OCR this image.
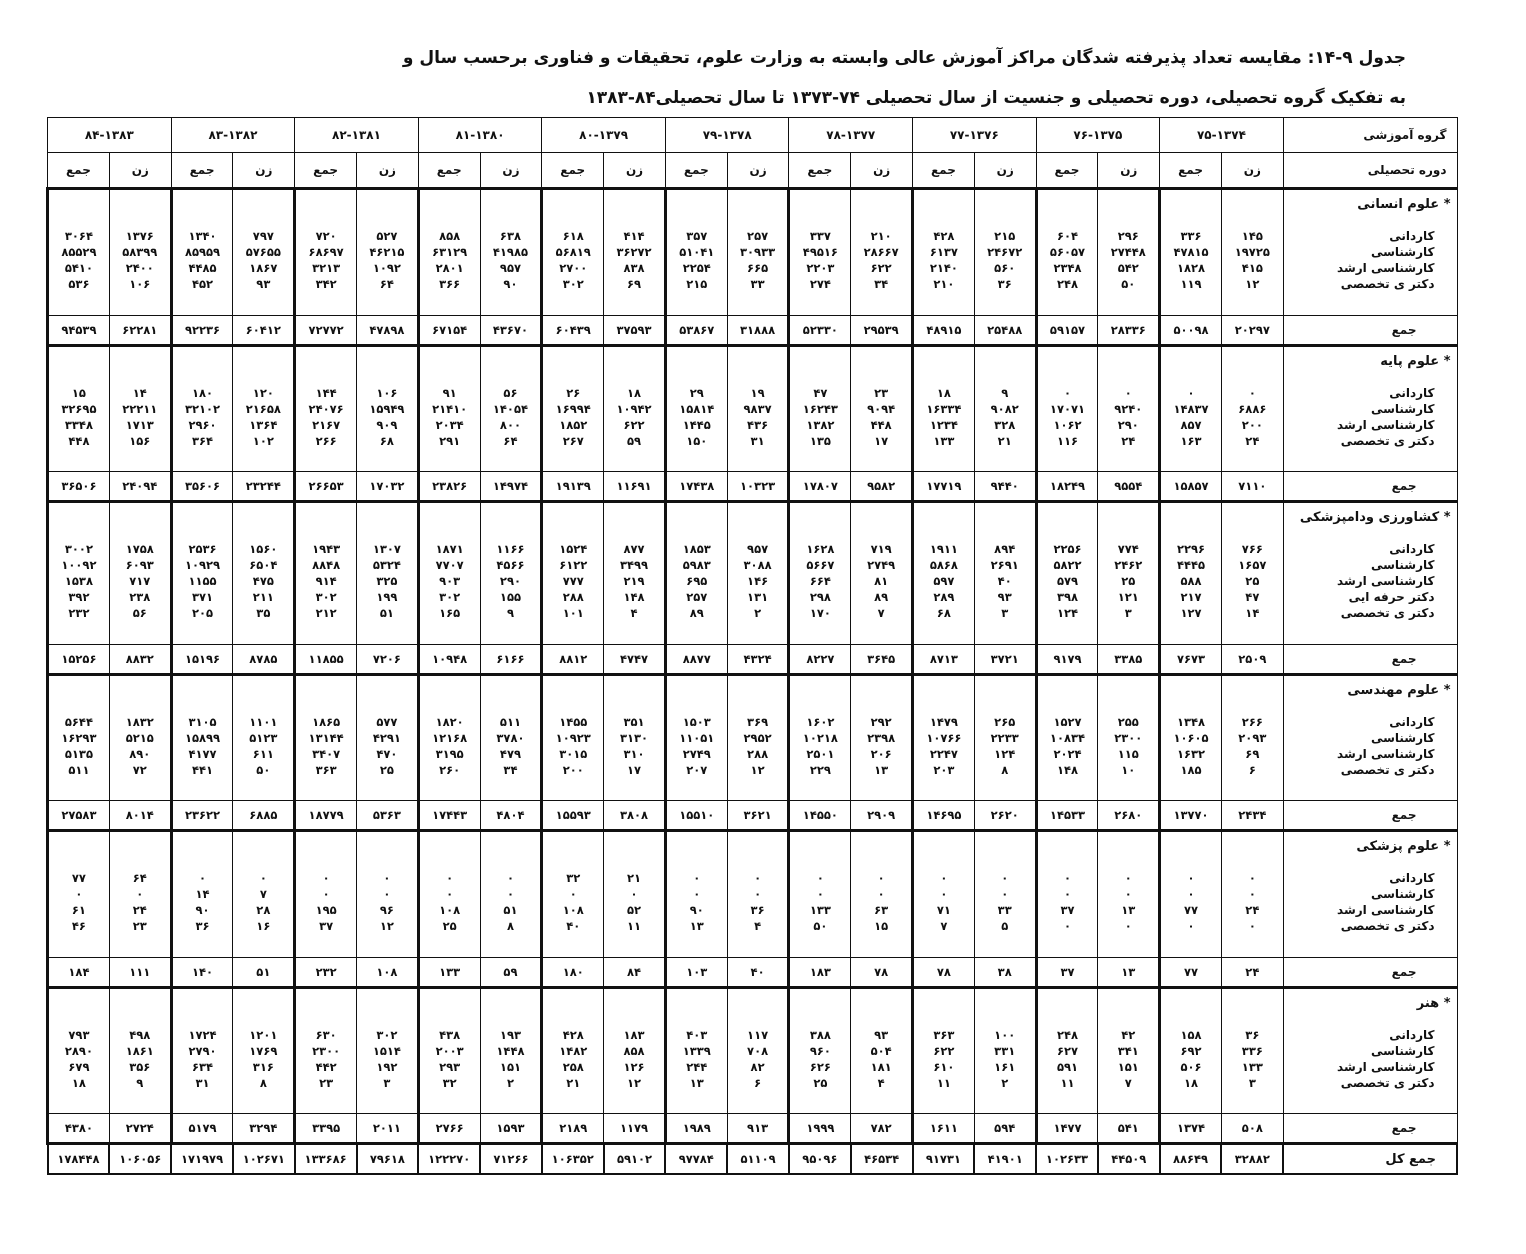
جدول ۹-۱۴: مقایسه تعداد پذیرفته شدگان مراکز آموزش عالی وابسته به وزارت علوم، تحقیقات و فناوری برحسب سال و
به تفکیک گروه تحصیلی، دوره تحصیلی و جنسیت از سال تحصیلی ۷۴-۱۳۷۳ تا سال تحصیلی۸۴-۱۳۸۳
گروه آموزشی	۷۵-۱۳۷۴		۷۶-۱۳۷۵		۷۷-۱۳۷۶		۷۸-۱۳۷۷		۷۹-۱۳۷۸		۸۰-۱۳۷۹		۸۱-۱۳۸۰		۸۲-۱۳۸۱		۸۳-۱۳۸۲		۸۴-۱۳۸۳	
دوره تحصیلی	زن	جمع	زن	جمع	زن	جمع	زن	جمع	زن	جمع	زن	جمع	زن	جمع	زن	جمع	زن	جمع	زن	جمع
* علوم انسانی																				

کاردانی	۱۴۵	۳۳۶	۲۹۶	۶۰۴	۲۱۵	۴۲۸	۲۱۰	۳۳۷	۲۵۷	۳۵۷	۴۱۴	۶۱۸	۶۳۸	۸۵۸	۵۲۷	۷۲۰	۷۹۷	۱۳۴۰	۱۳۷۶	۳۰۶۴
کارشناسی	۱۹۷۲۵	۴۷۸۱۵	۲۷۴۴۸	۵۶۰۵۷	۲۴۶۷۲	۶۱۳۷	۲۸۶۶۷	۴۹۵۱۶	۳۰۹۳۳	۵۱۰۴۱	۳۶۲۷۲	۵۶۸۱۹	۴۱۹۸۵	۶۳۱۲۹	۴۶۲۱۵	۶۸۶۹۷	۵۷۶۵۵	۸۵۹۵۹	۵۸۳۹۹	۸۵۵۲۹
کارشناسی ارشد	۴۱۵	۱۸۲۸	۵۴۲	۲۳۴۸	۵۶۰	۲۱۴۰	۶۲۲	۲۲۰۳	۶۶۵	۲۲۵۴	۸۳۸	۲۷۰۰	۹۵۷	۲۸۰۱	۱۰۹۲	۳۲۱۳	۱۸۶۷	۴۴۸۵	۲۴۰۰	۵۴۱۰
دکتر ی تخصصی	۱۲	۱۱۹	۵۰	۲۴۸	۳۶	۲۱۰	۳۴	۲۷۴	۳۳	۲۱۵	۶۹	۳۰۲	۹۰	۳۶۶	۶۴	۳۴۲	۹۳	۴۵۲	۱۰۶	۵۳۶

جمع	۲۰۲۹۷	۵۰۰۹۸	۲۸۳۳۶	۵۹۱۵۷	۲۵۴۸۸	۴۸۹۱۵	۲۹۵۳۹	۵۲۳۳۰	۳۱۸۸۸	۵۳۸۶۷	۳۷۵۹۳	۶۰۴۳۹	۴۳۶۷۰	۶۷۱۵۴	۴۷۸۹۸	۷۲۷۷۲	۶۰۴۱۲	۹۲۲۳۶	۶۲۲۸۱	۹۴۵۳۹
* علوم پایه																				

کاردانی	۰	۰	۰	۰	۹	۱۸	۲۳	۴۷	۱۹	۲۹	۱۸	۲۶	۵۶	۹۱	۱۰۶	۱۴۴	۱۲۰	۱۸۰	۱۴	۱۵
کارشناسی	۶۸۸۶	۱۴۸۳۷	۹۲۴۰	۱۷۰۷۱	۹۰۸۲	۱۶۳۳۴	۹۰۹۴	۱۶۲۴۳	۹۸۳۷	۱۵۸۱۴	۱۰۹۴۲	۱۶۹۹۴	۱۴۰۵۴	۲۱۴۱۰	۱۵۹۴۹	۲۴۰۷۶	۲۱۶۵۸	۳۲۱۰۲	۲۲۲۱۱	۳۲۶۹۵
کارشناسی ارشد	۲۰۰	۸۵۷	۲۹۰	۱۰۶۲	۳۲۸	۱۲۳۴	۴۴۸	۱۳۸۲	۴۳۶	۱۴۴۵	۶۲۲	۱۸۵۲	۸۰۰	۲۰۳۴	۹۰۹	۲۱۶۷	۱۳۶۴	۲۹۶۰	۱۷۱۳	۳۳۴۸
دکتر ی تخصصی	۲۴	۱۶۳	۲۴	۱۱۶	۲۱	۱۳۳	۱۷	۱۳۵	۳۱	۱۵۰	۵۹	۲۶۷	۶۴	۲۹۱	۶۸	۲۶۶	۱۰۲	۳۶۴	۱۵۶	۴۴۸

جمع	۷۱۱۰	۱۵۸۵۷	۹۵۵۴	۱۸۲۴۹	۹۴۴۰	۱۷۷۱۹	۹۵۸۲	۱۷۸۰۷	۱۰۳۲۳	۱۷۴۳۸	۱۱۶۹۱	۱۹۱۳۹	۱۴۹۷۴	۲۳۸۲۶	۱۷۰۳۲	۲۶۶۵۳	۲۳۲۴۴	۳۵۶۰۶	۲۴۰۹۴	۳۶۵۰۶
* کشاورزی ودامپزشکی																				

کاردانی	۷۶۶	۲۲۹۶	۷۷۴	۲۲۵۶	۸۹۴	۱۹۱۱	۷۱۹	۱۶۲۸	۹۵۷	۱۸۵۳	۸۷۷	۱۵۲۴	۱۱۶۶	۱۸۷۱	۱۳۰۷	۱۹۴۳	۱۵۶۰	۲۵۳۶	۱۷۵۸	۳۰۰۲
کارشناسی	۱۶۵۷	۴۴۴۵	۲۴۶۲	۵۸۲۲	۲۶۹۱	۵۸۶۸	۲۷۴۹	۵۶۶۷	۳۰۸۸	۵۹۸۳	۳۴۹۹	۶۱۲۲	۴۵۶۶	۷۷۰۷	۵۳۲۴	۸۸۴۸	۶۵۰۴	۱۰۹۲۹	۶۰۹۳	۱۰۰۹۲
کارشناسی ارشد	۲۵	۵۸۸	۲۵	۵۷۹	۴۰	۵۹۷	۸۱	۶۶۴	۱۴۶	۶۹۵	۲۱۹	۷۷۷	۲۹۰	۹۰۳	۳۲۵	۹۱۴	۴۷۵	۱۱۵۵	۷۱۷	۱۵۳۸
دکتر حرفه ایی	۴۷	۲۱۷	۱۲۱	۳۹۸	۹۳	۲۸۹	۸۹	۲۹۸	۱۳۱	۲۵۷	۱۴۸	۲۸۸	۱۵۵	۳۰۲	۱۹۹	۳۰۲	۲۱۱	۳۷۱	۲۳۸	۳۹۲
دکتر ی تخصصی	۱۴	۱۲۷	۳	۱۲۴	۳	۶۸	۷	۱۷۰	۲	۸۹	۴	۱۰۱	۹	۱۶۵	۵۱	۲۱۲	۳۵	۲۰۵	۵۶	۲۳۲

جمع	۲۵۰۹	۷۶۷۳	۳۳۸۵	۹۱۷۹	۳۷۲۱	۸۷۱۳	۳۶۴۵	۸۲۲۷	۴۳۲۴	۸۸۷۷	۴۷۴۷	۸۸۱۲	۶۱۶۶	۱۰۹۴۸	۷۲۰۶	۱۱۸۵۵	۸۷۸۵	۱۵۱۹۶	۸۸۳۲	۱۵۲۵۶
* علوم مهندسی																				

کاردانی	۲۶۶	۱۳۴۸	۲۵۵	۱۵۲۷	۲۶۵	۱۴۷۹	۲۹۲	۱۶۰۲	۳۶۹	۱۵۰۳	۳۵۱	۱۴۵۵	۵۱۱	۱۸۲۰	۵۷۷	۱۸۶۵	۱۱۰۱	۳۱۰۵	۱۸۳۲	۵۶۴۴
کارشناسی	۲۰۹۳	۱۰۶۰۵	۲۳۰۰	۱۰۸۳۴	۲۲۳۳	۱۰۷۶۶	۲۳۹۸	۱۰۲۱۸	۲۹۵۲	۱۱۰۵۱	۳۱۳۰	۱۰۹۲۳	۳۷۸۰	۱۲۱۶۸	۴۲۹۱	۱۳۱۴۴	۵۱۲۳	۱۵۸۹۹	۵۲۱۵	۱۶۲۹۳
کارشناسی ارشد	۶۹	۱۶۳۲	۱۱۵	۲۰۲۴	۱۲۴	۲۲۴۷	۲۰۶	۲۵۰۱	۲۸۸	۲۷۴۹	۳۱۰	۳۰۱۵	۴۷۹	۳۱۹۵	۴۷۰	۳۴۰۷	۶۱۱	۴۱۷۷	۸۹۰	۵۱۳۵
دکتر ی تخصصی	۶	۱۸۵	۱۰	۱۴۸	۸	۲۰۳	۱۳	۲۲۹	۱۲	۲۰۷	۱۷	۲۰۰	۳۴	۲۶۰	۲۵	۳۶۳	۵۰	۴۴۱	۷۲	۵۱۱

جمع	۲۴۳۴	۱۳۷۷۰	۲۶۸۰	۱۴۵۳۳	۲۶۲۰	۱۴۶۹۵	۲۹۰۹	۱۴۵۵۰	۳۶۲۱	۱۵۵۱۰	۳۸۰۸	۱۵۵۹۳	۴۸۰۴	۱۷۴۴۳	۵۳۶۳	۱۸۷۷۹	۶۸۸۵	۲۳۶۲۲	۸۰۱۴	۲۷۵۸۳
* علوم پزشکی																				

کاردانی	۰	۰	۰	۰	۰	۰	۰	۰	۰	۰	۲۱	۳۲	۰	۰	۰	۰	۰	۰	۶۴	۷۷
کارشناسی	۰	۰	۰	۰	۰	۰	۰	۰	۰	۰	۰	۰	۰	۰	۰	۰	۷	۱۴	۰	۰
کارشناسی ارشد	۲۴	۷۷	۱۳	۳۷	۳۳	۷۱	۶۳	۱۳۳	۳۶	۹۰	۵۲	۱۰۸	۵۱	۱۰۸	۹۶	۱۹۵	۲۸	۹۰	۲۴	۶۱
دکتر ی تخصصی	۰	۰	۰	۰	۵	۷	۱۵	۵۰	۴	۱۳	۱۱	۴۰	۸	۲۵	۱۲	۳۷	۱۶	۳۶	۲۳	۴۶

جمع	۲۴	۷۷	۱۳	۳۷	۳۸	۷۸	۷۸	۱۸۳	۴۰	۱۰۳	۸۴	۱۸۰	۵۹	۱۳۳	۱۰۸	۲۳۲	۵۱	۱۴۰	۱۱۱	۱۸۴
* هنر																				

کاردانی	۳۶	۱۵۸	۴۲	۲۴۸	۱۰۰	۳۶۳	۹۳	۳۸۸	۱۱۷	۴۰۳	۱۸۳	۴۲۸	۱۹۳	۴۳۸	۳۰۲	۶۳۰	۱۲۰۱	۱۷۲۴	۴۹۸	۷۹۳
کارشناسی	۳۳۶	۶۹۲	۳۴۱	۶۲۷	۳۳۱	۶۲۲	۵۰۴	۹۶۰	۷۰۸	۱۳۳۹	۸۵۸	۱۴۸۲	۱۴۴۸	۲۰۰۳	۱۵۱۴	۲۳۰۰	۱۷۶۹	۲۷۹۰	۱۸۶۱	۲۸۹۰
کارشناسی ارشد	۱۳۳	۵۰۶	۱۵۱	۵۹۱	۱۶۱	۶۱۰	۱۸۱	۶۲۶	۸۲	۲۴۴	۱۲۶	۲۵۸	۱۵۱	۲۹۳	۱۹۲	۴۴۲	۳۱۶	۶۳۴	۳۵۶	۶۷۹
دکتر ی تخصصی	۳	۱۸	۷	۱۱	۲	۱۱	۴	۲۵	۶	۱۳	۱۲	۲۱	۲	۳۲	۳	۲۳	۸	۳۱	۹	۱۸

جمع	۵۰۸	۱۳۷۴	۵۴۱	۱۴۷۷	۵۹۴	۱۶۱۱	۷۸۲	۱۹۹۹	۹۱۳	۱۹۸۹	۱۱۷۹	۲۱۸۹	۱۵۹۳	۲۷۶۶	۲۰۱۱	۳۳۹۵	۳۲۹۴	۵۱۷۹	۲۷۲۴	۴۳۸۰
جمع کل	۳۲۸۸۲	۸۸۶۴۹	۴۴۵۰۹	۱۰۲۶۳۳	۴۱۹۰۱	۹۱۷۳۱	۴۶۵۳۴	۹۵۰۹۶	۵۱۱۰۹	۹۷۷۸۴	۵۹۱۰۲	۱۰۶۳۵۲	۷۱۲۶۶	۱۲۲۲۷۰	۷۹۶۱۸	۱۳۳۶۸۶	۱۰۲۶۷۱	۱۷۱۹۷۹	۱۰۶۰۵۶	۱۷۸۴۴۸
